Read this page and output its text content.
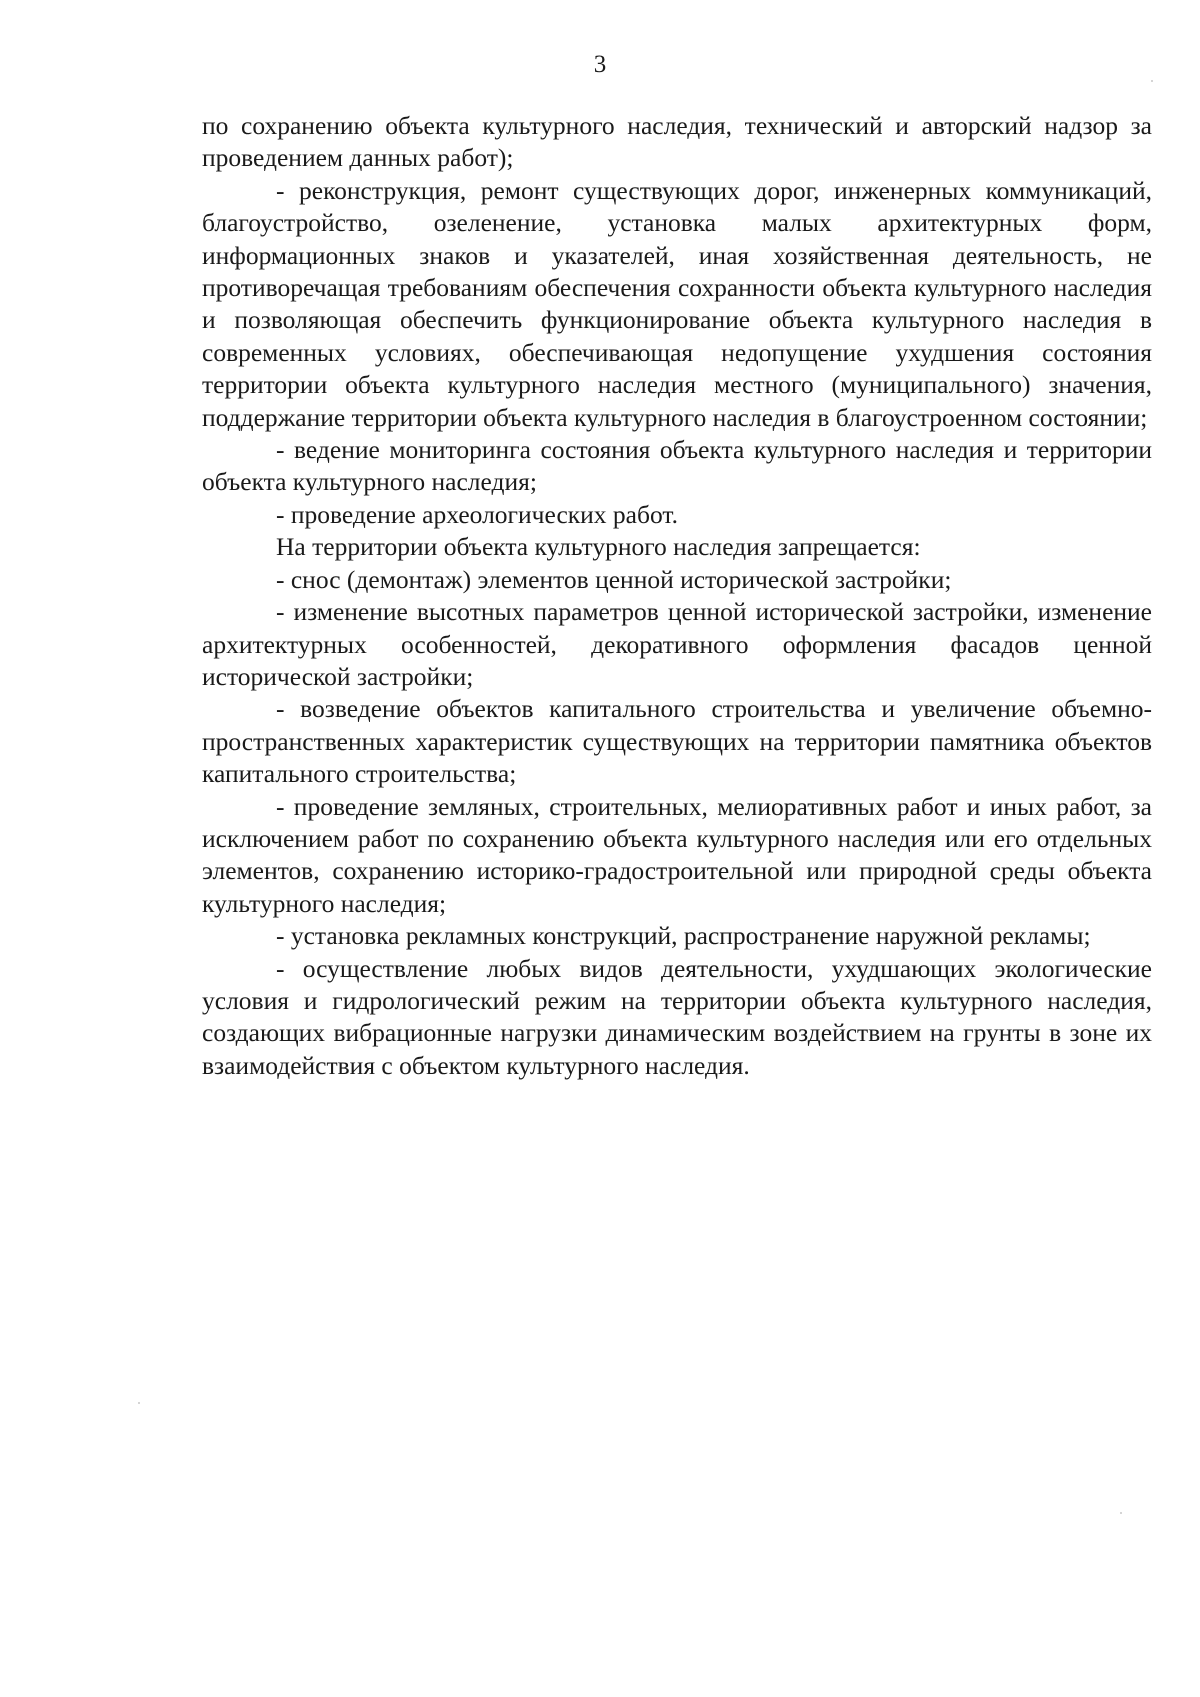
3

по сохранению объекта культурного наследия, технический и авторский надзор за проведением данных работ);

- реконструкция, ремонт существующих дорог, инженерных коммуникаций, благоустройство, озеленение, установка малых архитектурных форм, информационных знаков и указателей, иная хозяйственная деятельность, не противоречащая требованиям обеспечения сохранности объекта культурного наследия и позволяющая обеспечить функционирование объекта культурного наследия в современных условиях, обеспечивающая недопущение ухудшения состояния территории объекта культурного наследия местного (муниципального) значения, поддержание территории объекта культурного наследия в благоустроенном состоянии;

- ведение мониторинга состояния объекта культурного наследия и территории объекта культурного наследия;

- проведение археологических работ.

На территории объекта культурного наследия запрещается:

- снос (демонтаж) элементов ценной исторической застройки;

- изменение высотных параметров ценной исторической застройки, изменение архитектурных особенностей, декоративного оформления фасадов ценной исторической застройки;

- возведение объектов капитального строительства и увеличение объемно-пространственных характеристик существующих на территории памятника объектов капитального строительства;

- проведение земляных, строительных, мелиоративных работ и иных работ, за исключением работ по сохранению объекта культурного наследия или его отдельных элементов, сохранению историко-градостроительной или природной среды объекта культурного наследия;

- установка рекламных конструкций, распространение наружной рекламы;

- осуществление любых видов деятельности, ухудшающих экологические условия и гидрологический режим на территории объекта культурного наследия, создающих вибрационные нагрузки динамическим воздействием на грунты в зоне их взаимодействия с объектом культурного наследия.
